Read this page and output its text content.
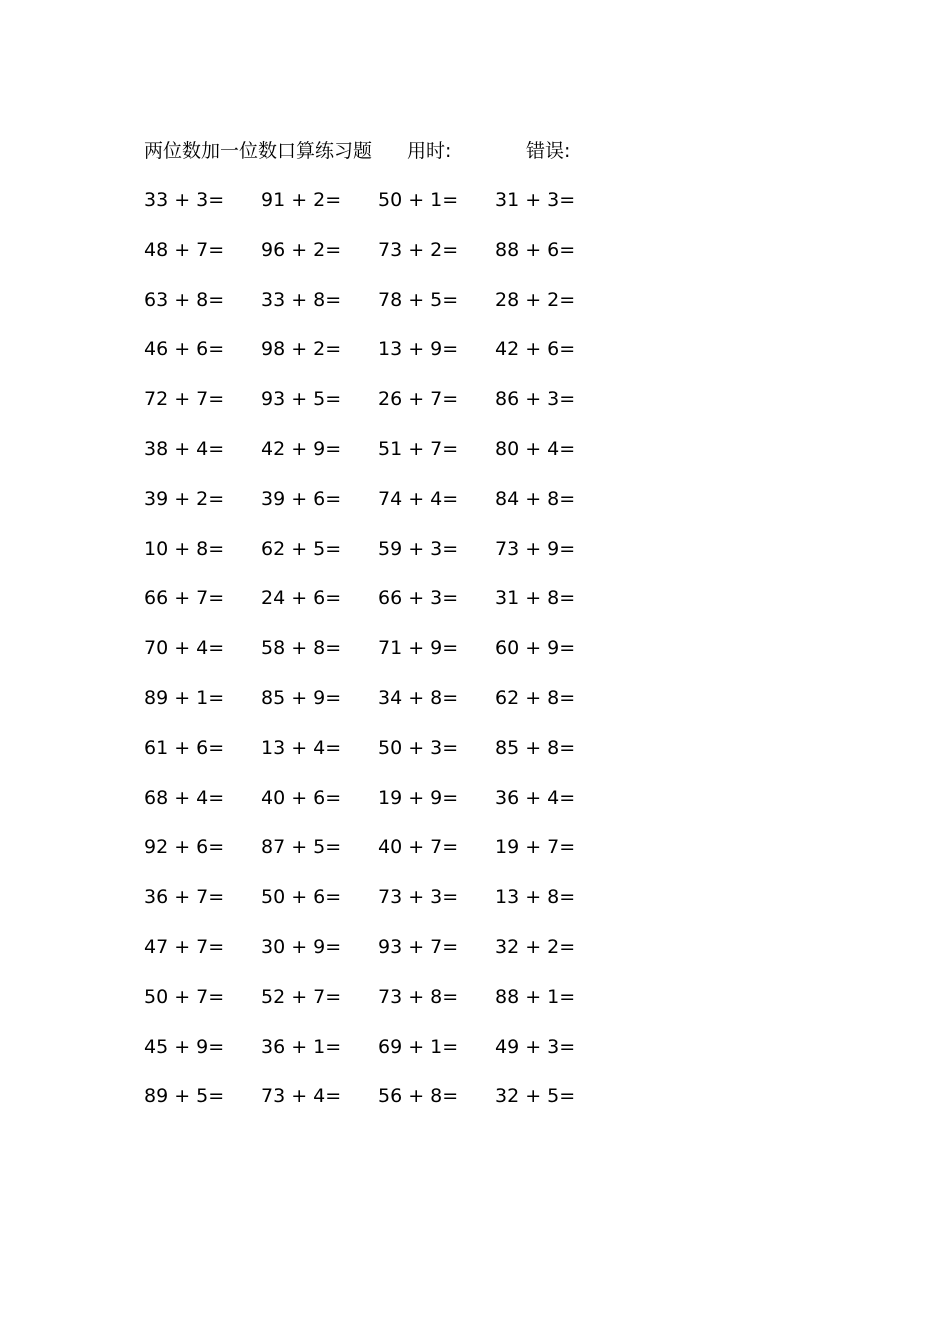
两位数加一位数口算练习题 用时:	错误:
33 + 3=	91 + 2=	50 + 1=	31 + 3=
48 + 7=	96 + 2=	73 + 2=	88 + 6=
63 + 8=	33 + 8=	78 + 5=	28 + 2=
46 + 6=	98 + 2=	13 + 9=	42 + 6=
72 + 7=	93 + 5=	26 + 7=	86 + 3=
38 + 4=	42 + 9=	51 + 7=	80 + 4=
39 + 2=	39 + 6=	74 + 4=	84 + 8=
10 + 8=	62 + 5=	59 + 3=	73 + 9=
66 + 7=	24 + 6=	66 + 3=	31 + 8=
70 + 4=	58 + 8=	71 + 9=	60 + 9=
89 + 1=	85 + 9=	34 + 8=	62 + 8=
61 + 6=	13 + 4=	50 + 3=	85 + 8=
68 + 4=	40 + 6=	19 + 9=	36 + 4=
92 + 6=	87 + 5=	40 + 7=	19 + 7=
36 + 7=	50 + 6=	73 + 3=	13 + 8=
47 + 7=	30 + 9=	93 + 7=	32 + 2=
50 + 7=	52 + 7=	73 + 8=	88 + 1=
45 + 9=	36 + 1=	69 + 1=	49 + 3=
89 + 5=	73 + 4=	56 + 8=	32 + 5=
